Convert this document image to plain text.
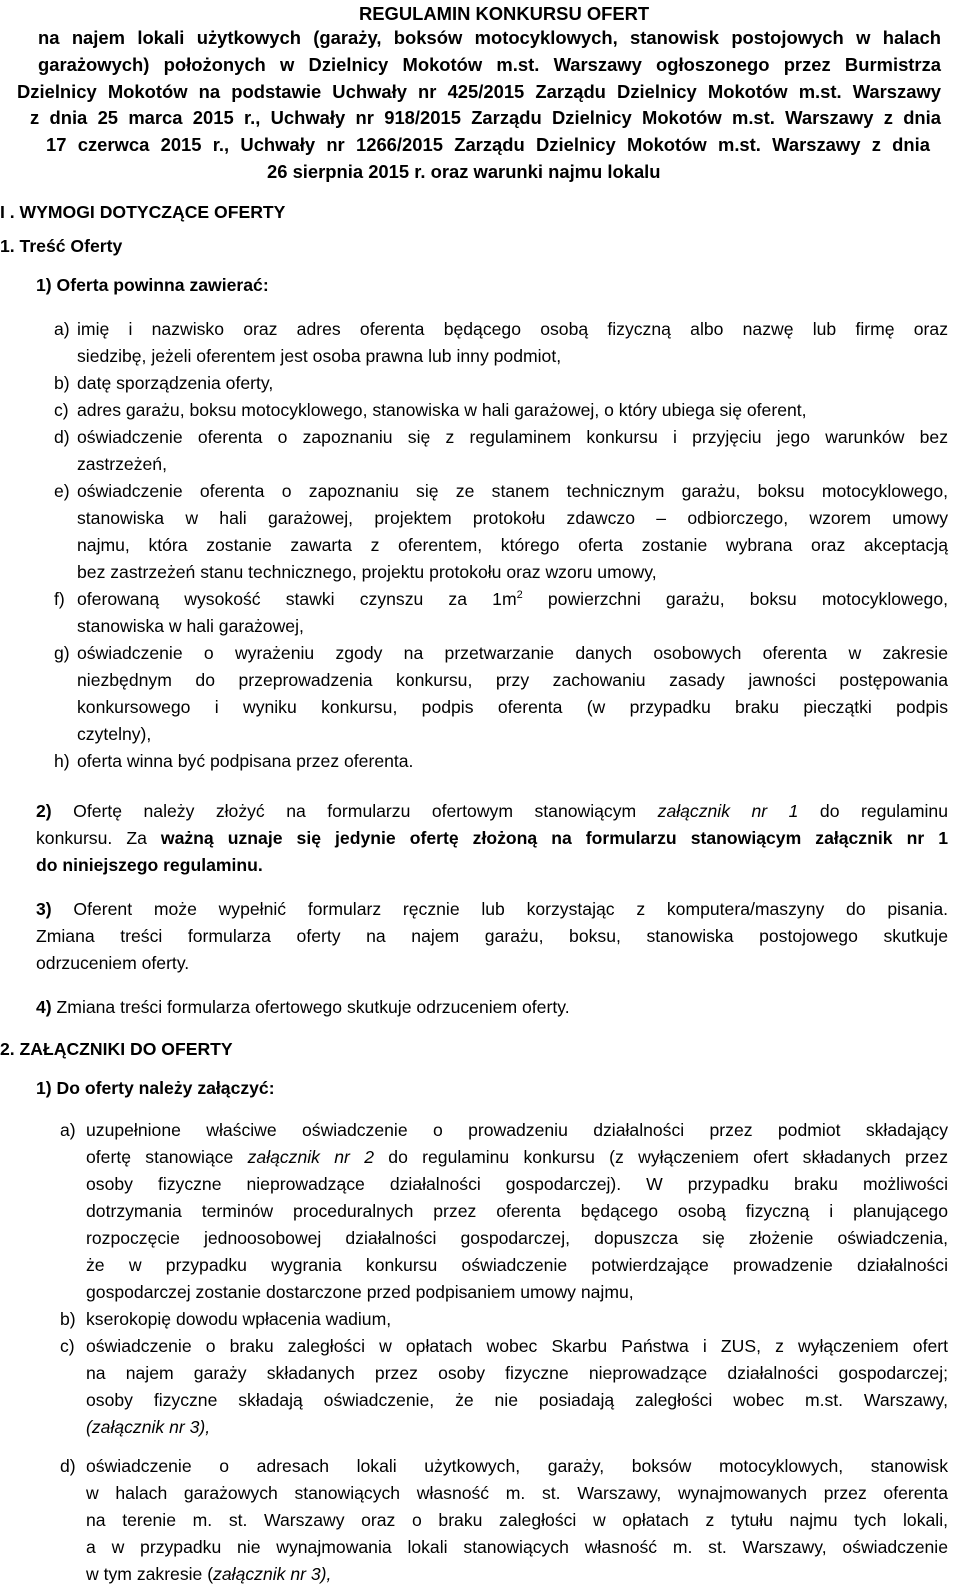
REGULAMIN KONKURSU OFERT
na najem lokali użytkowych (garaży, boksów motocyklowych, stanowisk postojowych w halach
garażowych) położonych w Dzielnicy Mokotów m.st. Warszawy ogłoszonego przez Burmistrza
Dzielnicy Mokotów na podstawie Uchwały nr 425/2015 Zarządu Dzielnicy Mokotów m.st. Warszawy
z dnia 25 marca 2015 r., Uchwały nr 918/2015 Zarządu Dzielnicy Mokotów m.st. Warszawy z dnia
17 czerwca 2015 r., Uchwały nr 1266/2015 Zarządu Dzielnicy Mokotów m.st. Warszawy z dnia
26 sierpnia 2015 r. oraz warunki najmu lokalu
I . WYMOGI DOTYCZĄCE OFERTY
1. Treść Oferty
1) Oferta powinna zawierać:
a) imię i nazwisko oraz adres oferenta będącego osobą fizyczną albo nazwę lub firmę oraz
siedzibę, jeżeli oferentem jest osoba prawna lub inny podmiot,
b) datę sporządzenia oferty,
c) adres garażu, boksu motocyklowego, stanowiska w hali garażowej, o który ubiega się oferent,
d) oświadczenie oferenta o zapoznaniu się z regulaminem konkursu i przyjęciu jego warunków bez
zastrzeżeń,
e) oświadczenie oferenta o zapoznaniu się ze stanem technicznym garażu, boksu motocyklowego,
stanowiska w hali garażowej, projektem protokołu zdawczo – odbiorczego, wzorem umowy
najmu, która zostanie zawarta z oferentem, którego oferta zostanie wybrana oraz akceptacją
bez zastrzeżeń stanu technicznego, projektu protokołu oraz wzoru umowy,
f) oferowaną wysokość stawki czynszu za $1m^2$ powierzchni garażu, boksu motocyklowego,
stanowiska w hali garażowej,
g) oświadczenie o wyrażeniu zgody na przetwarzanie danych osobowych oferenta w zakresie
niezbędnym do przeprowadzenia konkursu, przy zachowaniu zasady jawności postępowania
konkursowego i wyniku konkursu, podpis oferenta (w przypadku braku pieczątki podpis
czytelny),
h) oferta winna być podpisana przez oferenta.
2) Ofertę należy złożyć na formularzu ofertowym stanowiącym załącznik nr 1 do regulaminu
konkursu. Za ważną uznaje się jedynie ofertę złożoną na formularzu stanowiącym załącznik nr 1
do niniejszego regulaminu.
3) Oferent może wypełnić formularz ręcznie lub korzystając z komputera/maszyny do pisania.
Zmiana treści formularza oferty na najem garażu, boksu, stanowiska postojowego skutkuje
odrzuceniem oferty.
4) Zmiana treści formularza ofertowego skutkuje odrzuceniem oferty.
2. ZAŁĄCZNIKI DO OFERTY
1) Do oferty należy załączyć:
a) uzupełnione właściwe oświadczenie o prowadzeniu działalności przez podmiot składający
ofertę stanowiące załącznik nr 2 do regulaminu konkursu (z wyłączeniem ofert składanych przez
osoby fizyczne nieprowadzące działalności gospodarczej). W przypadku braku możliwości
dotrzymania terminów proceduralnych przez oferenta będącego osobą fizyczną i planującego
rozpoczęcie jednoosobowej działalności gospodarczej, dopuszcza się złożenie oświadczenia,
że w przypadku wygrania konkursu oświadczenie potwierdzające prowadzenie działalności
gospodarczej zostanie dostarczone przed podpisaniem umowy najmu,
b) kserokopię dowodu wpłacenia wadium,
c) oświadczenie o braku zaległości w opłatach wobec Skarbu Państwa i ZUS, z wyłączeniem ofert
na najem garaży składanych przez osoby fizyczne nieprowadzące działalności gospodarczej;
osoby fizyczne składają oświadczenie, że nie posiadają zaległości wobec m.st. Warszawy,
(załącznik nr 3),
d) oświadczenie o adresach lokali użytkowych, garaży, boksów motocyklowych, stanowisk
w halach garażowych stanowiących własność m. st. Warszawy, wynajmowanych przez oferenta
na terenie m. st. Warszawy oraz o braku zaległości w opłatach z tytułu najmu tych lokali,
a w przypadku nie wynajmowania lokali stanowiących własność m. st. Warszawy, oświadczenie
w tym zakresie (załącznik nr 3),
